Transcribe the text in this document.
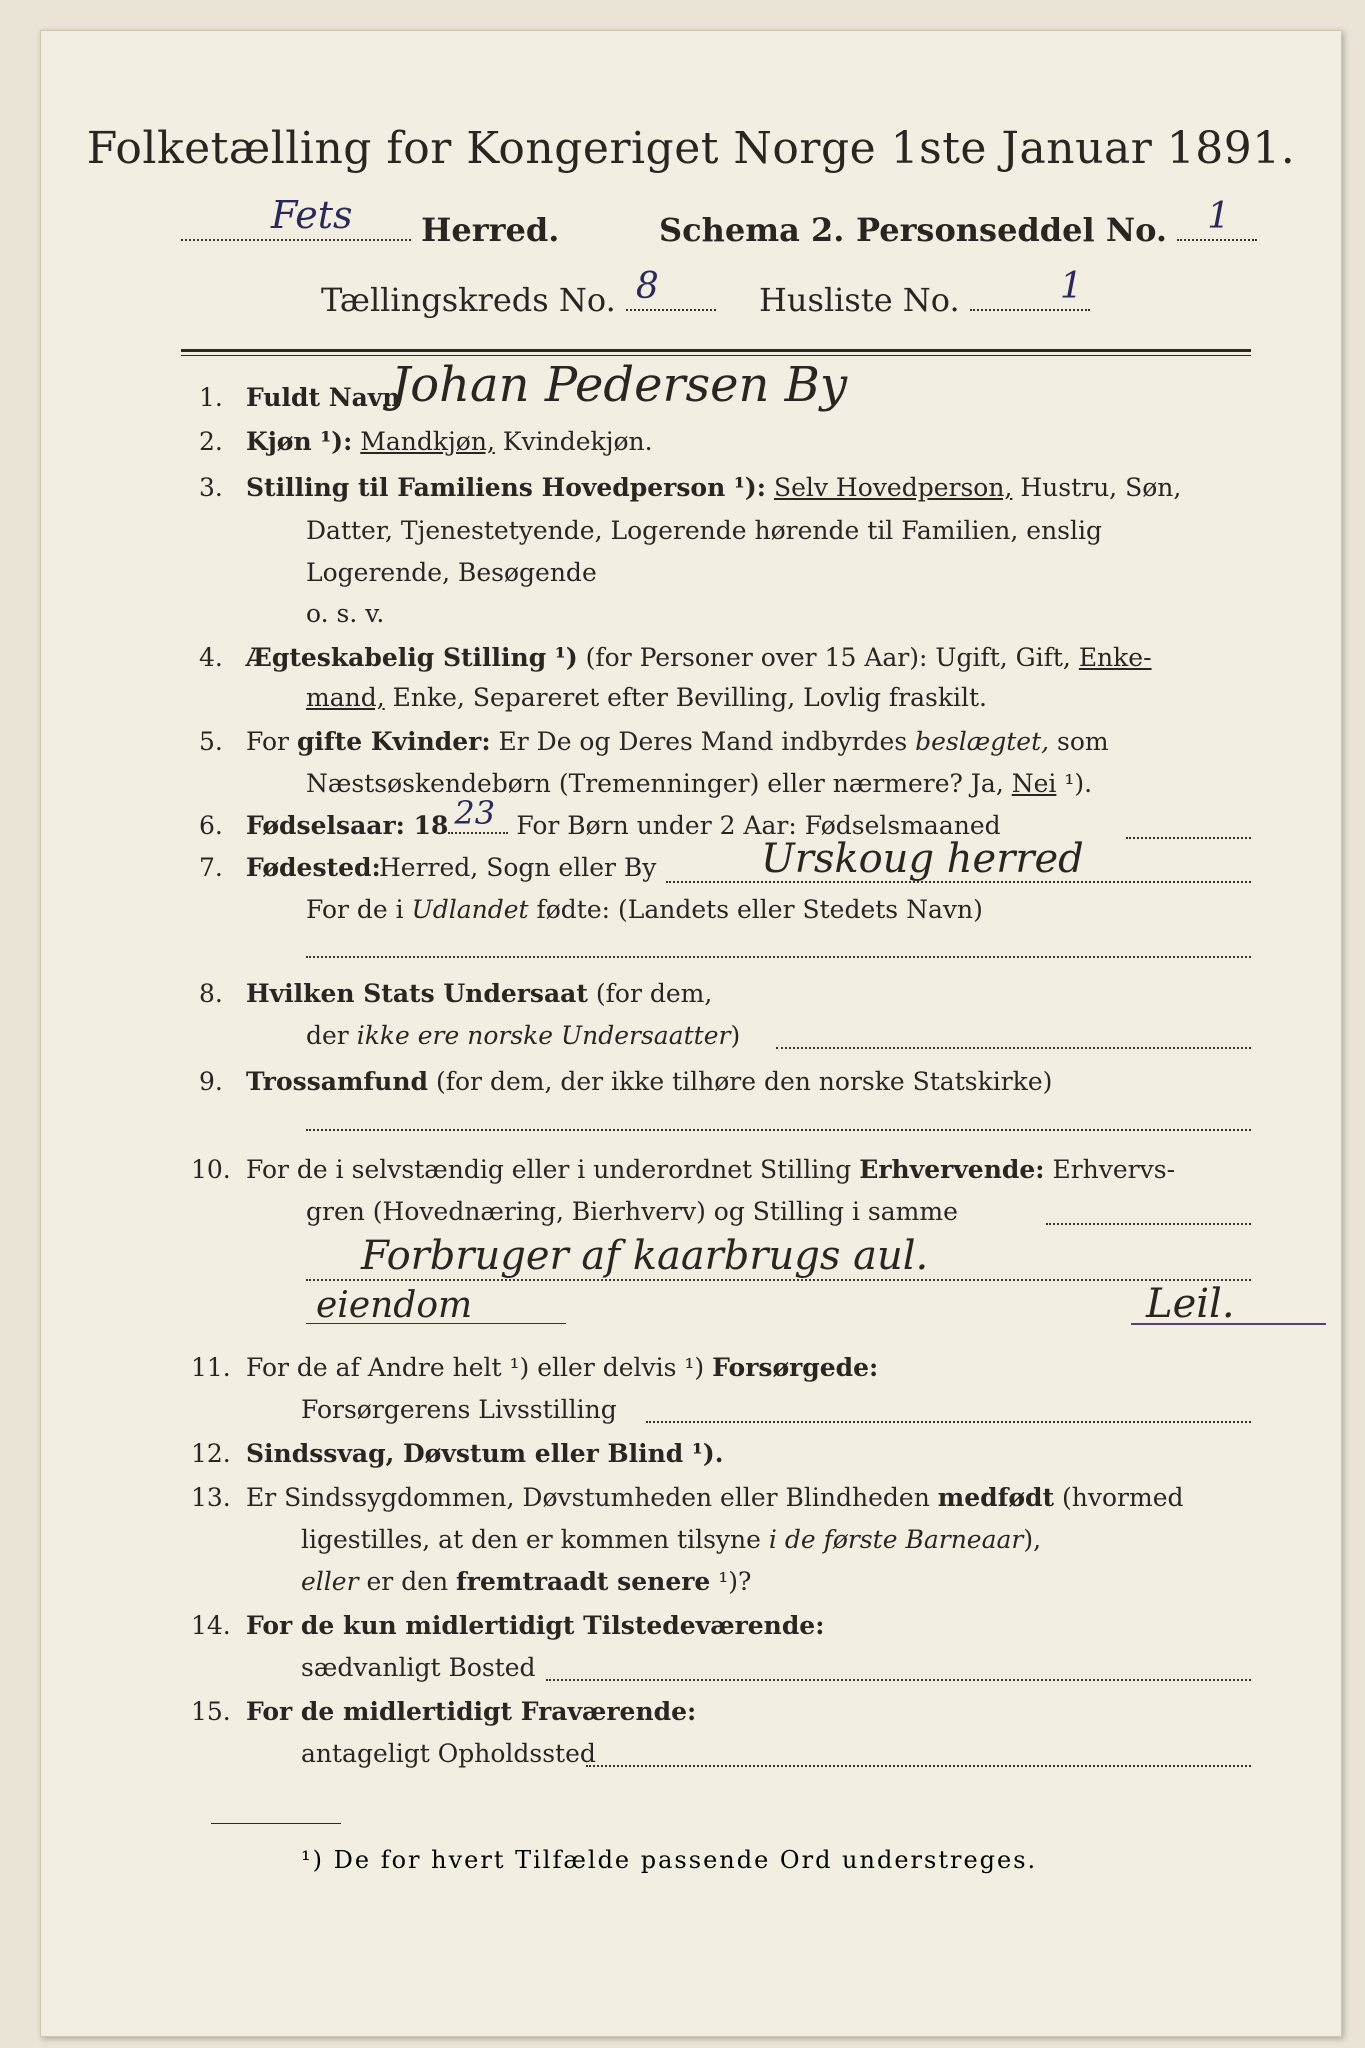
Folketælling for Kongeriget Norge 1ste Januar 1891.
Fets Herred.	Schema 2. Personseddel No. 1
Tællingskreds No. 8	Husliste No.	1
1. Fuldt Navn
Johan Pedersen By
2. Kjøn ¹): Mandkjøn, Kvindekjøn.
3. Stilling til Familiens Hovedperson ¹): Selv Hovedperson, Hustru, Søn,
Datter, Tjenestetyende, Logerende hørende til Familien, enslig
Logerende, Besøgende
o. s. v.
4. Ægteskabelig Stilling ¹) (for Personer over 15 Aar): Ugift, Gift, Enke-
mand, Enke, Separeret efter Bevilling, Lovlig fraskilt.
5. For gifte Kvinder: Er De og Deres Mand indbyrdes beslægtet, som
Næstsøskendebørn (Tremenninger) eller nærmere? Ja, Nei ¹).
6. Fødselsaar: 18 23 For Børn under 2 Aar: Fødselsmaaned
7. Fødested:
Herred, Sogn eller By	Urskoug herred
For de i Udlandet fødte: (Landets eller Stedets Navn)
8. Hvilken Stats Undersaat (for dem,
der ikke ere norske Undersaatter)
9. Trossamfund (for dem, der ikke tilhøre den norske Statskirke)
10. For de i selvstændig eller i underordnet Stilling Erhvervende: Erhvervs-
gren (Hovednæring, Bierhverv) og Stilling i samme
Forbruger af kaarbrugs aul.
eiendom	Leil.
11. For de af Andre helt ¹) eller delvis ¹) Forsørgede:
Forsørgerens Livsstilling
12. Sindssvag, Døvstum eller Blind ¹).
13. Er Sindssygdommen, Døvstumheden eller Blindheden medfødt (hvormed
ligestilles, at den er kommen tilsyne i de første Barneaar),
eller er den fremtraadt senere ¹)?
14. For de kun midlertidigt Tilstedeværende:
sædvanligt Bosted
15. For de midlertidigt Fraværende:
antageligt Opholdssted
¹) De for hvert Tilfælde passende Ord understreges.
